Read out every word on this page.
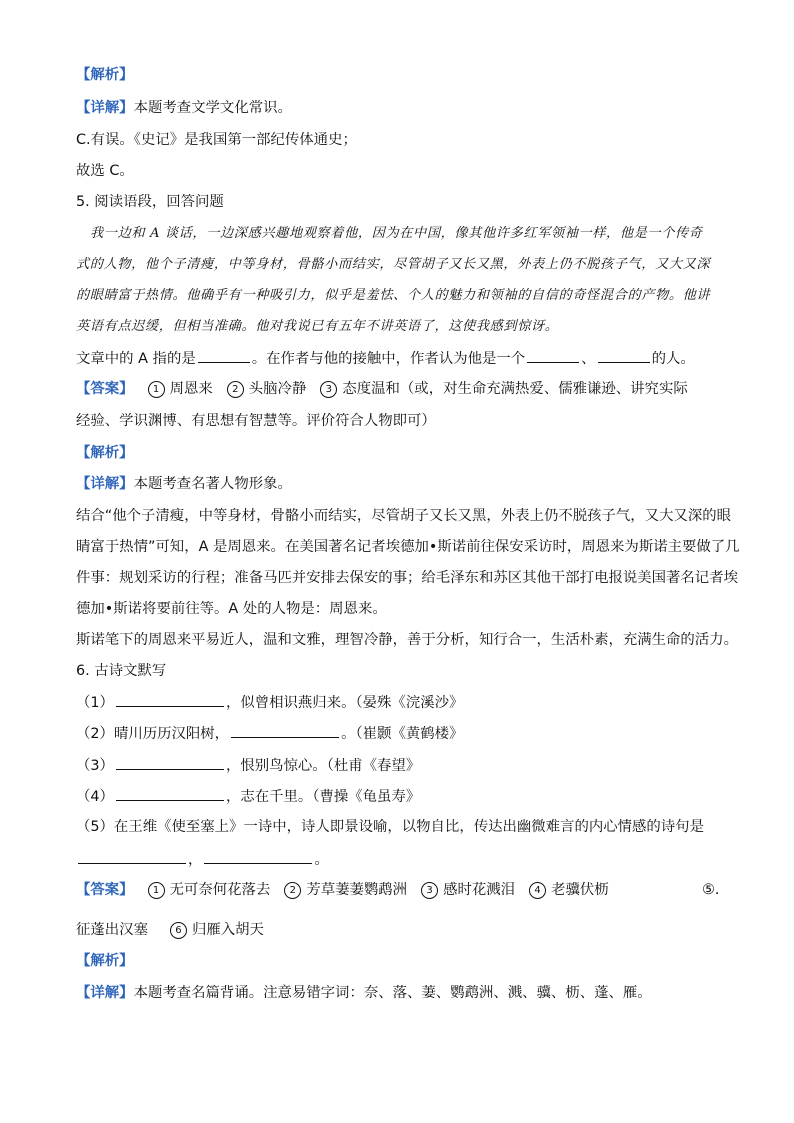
【解析】
【详解】本题考查文学文化常识。
C.有误。《史记》是我国第一部纪传体通史；
故选 C。
5. 阅读语段，回答问题
我一边和 A 谈话，一边深感兴趣地观察着他，因为在中国，像其他许多红军领袖一样，他是一个传奇
式的人物，他个子清瘦，中等身材，骨骼小而结实，尽管胡子又长又黑，外表上仍不脱孩子气，又大又深
的眼睛富于热情。他确乎有一种吸引力，似乎是羞怯、个人的魅力和领袖的自信的奇怪混合的产物。他讲
英语有点迟缓，但相当准确。他对我说已有五年不讲英语了，这使我感到惊讶。
文章中的 A 指的是	。在作者与他的接触中，作者认为他是一个	、	的人。
【答案】 1 周恩来 2 头脑冷静 3 态度温和（或，对生命充满热爱、儒雅谦逊、讲究实际
经验、学识渊博、有思想有智慧等。评价符合人物即可）
【解析】
【详解】本题考查名著人物形象。
结合“他个子清瘦，中等身材，骨骼小而结实，尽管胡子又长又黑，外表上仍不脱孩子气，又大又深的眼
睛富于热情”可知，A 是周恩来。在美国著名记者埃德加•斯诺前往保安采访时，周恩来为斯诺主要做了几
件事：规划采访的行程；准备马匹并安排去保安的事；给毛泽东和苏区其他干部打电报说美国著名记者埃
德加•斯诺将要前往等。A 处的人物是：周恩来。
斯诺笔下的周恩来平易近人，温和文雅，理智冷静，善于分析，知行合一，生活朴素，充满生命的活力。
6. 古诗文默写
（1）	，似曾相识燕归来。（晏殊《浣溪沙》
（2）晴川历历汉阳树，	。（崔颢《黄鹤楼》
（3）	，恨别鸟惊心。（杜甫《春望》
（4）	，志在千里。（曹操《龟虽寿》
（5）在王维《使至塞上》一诗中，诗人即景设喻，以物自比，传达出幽微难言的内心情感的诗句是
，	。
【答案】 1 无可奈何花落去 2 芳草萋萋鹦鹉洲 3 感时花溅泪 4 老骥伏枥	⑤.
征蓬出汉塞	6 归雁入胡天
【解析】
【详解】本题考查名篇背诵。注意易错字词：奈、落、萋、鹦鹉洲、溅、骥、枥、蓬、雁。
